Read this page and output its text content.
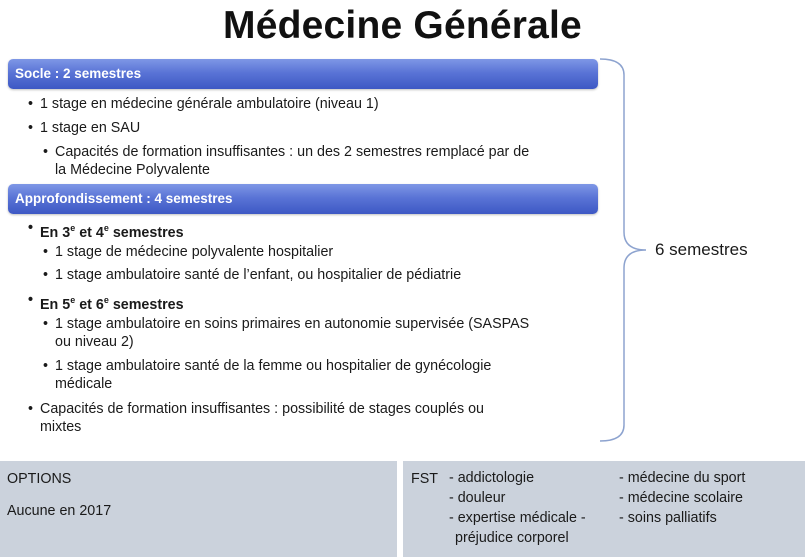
Médecine Générale
Socle : 2 semestres
• 1 stage en médecine générale ambulatoire (niveau 1)
• 1 stage en SAU
• Capacités de formation insuffisantes : un des 2 semestres remplacé par de
la Médecine Polyvalente
Approfondissement : 4 semestres
• En 3e et 4e semestres
• 1 stage de médecine polyvalente hospitalier
• 1 stage ambulatoire santé de l’enfant, ou hospitalier de pédiatrie
• En 5e et 6e semestres
• 1 stage ambulatoire en soins primaires en autonomie supervisée (SASPAS
ou niveau 2)
• 1 stage ambulatoire santé de la femme ou hospitalier de gynécologie
médicale
• Capacités de formation insuffisantes : possibilité de stages couplés ou
mixtes
6 semestres
OPTIONS
Aucune en 2017
FST - addictologie
- douleur
- expertise médicale -
préjudice corporel
- médecine du sport
- médecine scolaire
- soins palliatifs
